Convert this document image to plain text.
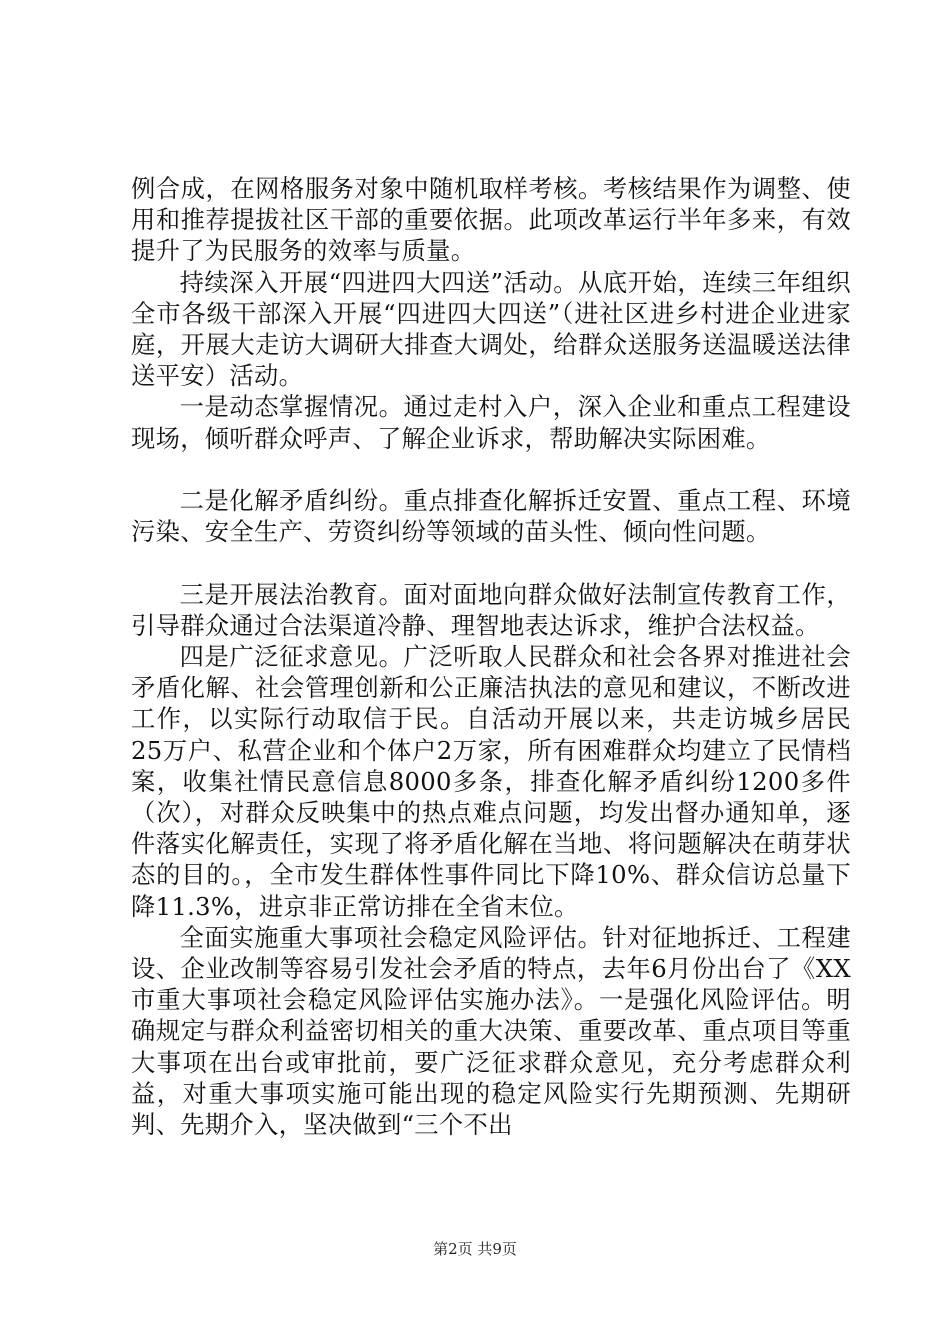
例合成，在网格服务对象中随机取样考核。考核结果作为调整、使用和推荐提拔社区干部的重要依据。此项改革运行半年多来，有效提升了为民服务的效率与质量。

持续深入开展“四进四大四送”活动。从底开始，连续三年组织全市各级干部深入开展“四进四大四送”（进社区进乡村进企业进家庭，开展大走访大调研大排查大调处，给群众送服务送温暖送法律送平安）活动。

一是动态掌握情况。通过走村入户，深入企业和重点工程建设现场，倾听群众呼声、了解企业诉求，帮助解决实际困难。

二是化解矛盾纠纷。重点排查化解拆迁安置、重点工程、环境污染、安全生产、劳资纠纷等领域的苗头性、倾向性问题。

三是开展法治教育。面对面地向群众做好法制宣传教育工作，引导群众通过合法渠道冷静、理智地表达诉求，维护合法权益。

四是广泛征求意见。广泛听取人民群众和社会各界对推进社会矛盾化解、社会管理创新和公正廉洁执法的意见和建议，不断改进工作，以实际行动取信于民。自活动开展以来，共走访城乡居民25万户、私营企业和个体户2万家，所有困难群众均建立了民情档案，收集社情民意信息8000多条，排查化解矛盾纠纷1200多件（次），对群众反映集中的热点难点问题，均发出督办通知单，逐件落实化解责任，实现了将矛盾化解在当地、将问题解决在萌芽状态的目的。，全市发生群体性事件同比下降10%、群众信访总量下降11.3%，进京非正常访排在全省末位。

全面实施重大事项社会稳定风险评估。针对征地拆迁、工程建设、企业改制等容易引发社会矛盾的特点，去年6月份出台了《XX市重大事项社会稳定风险评估实施办法》。一是强化风险评估。明确规定与群众利益密切相关的重大决策、重要改革、重点项目等重大事项在出台或审批前，要广泛征求群众意见，充分考虑群众利益，对重大事项实施可能出现的稳定风险实行先期预测、先期研判、先期介入，坚决做到“三个不出

第2页 共9页
